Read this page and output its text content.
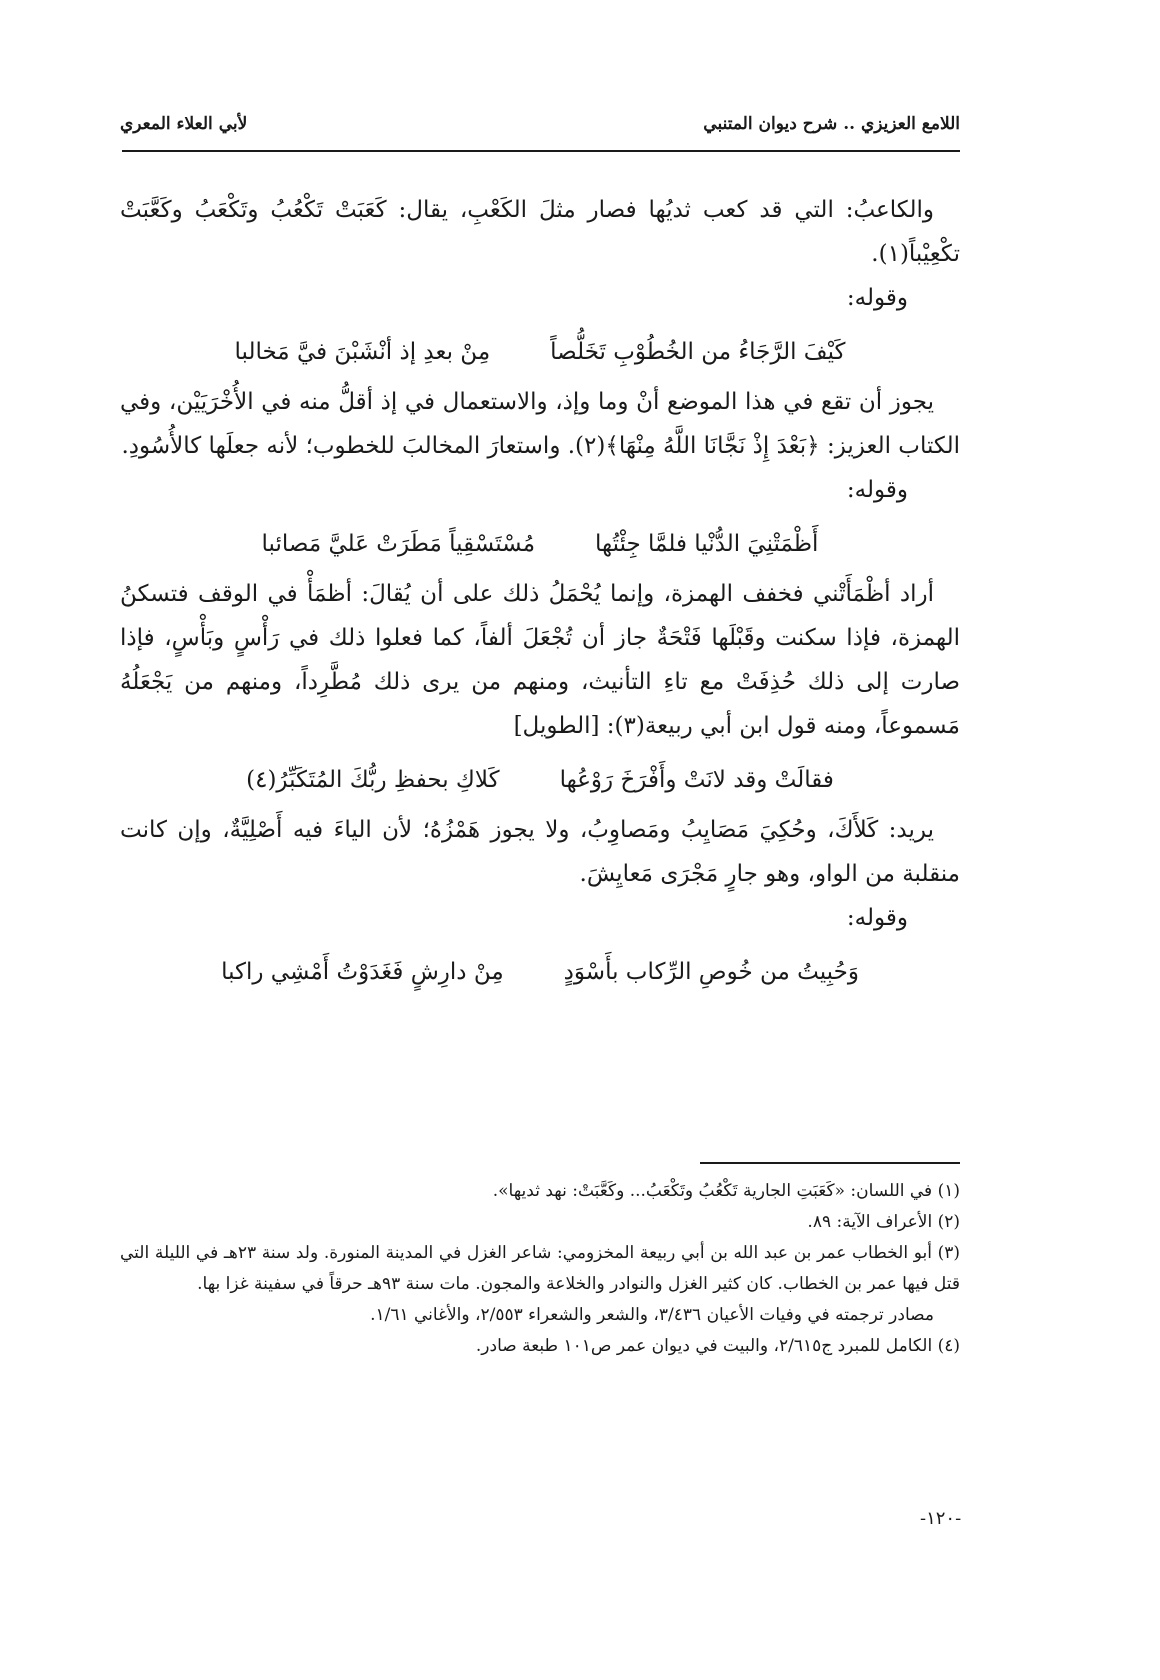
اللامع العزيزي .. شرح ديوان المتنبي
لأبي العلاء المعري

والكاعبُ: التي قد كعب ثديُها فصار مثلَ الكَعْبِ، يقال: كَعَبَتْ تَكْعُبُ وتَكْعَبُ وكَعَّبَتْ تكْعِيْباً(١).

وقوله:

كَيْفَ الرَّجَاءُ من الخُطُوْبِ تَخَلُّصاً
مِنْ بعدِ إذ أنْشَبْنَ فيَّ مَخالبا

يجوز أن تقع في هذا الموضع أنْ وما وإذ، والاستعمال في إذ أقلُّ منه في الأُخْرَيَيْن، وفي الكتاب العزيز: ﴿بَعْدَ إِذْ نَجَّانَا اللَّهُ مِنْهَا﴾(٢). واستعارَ المخالبَ للخطوب؛ لأنه جعلَها كالأُسُودِ.

وقوله:

أَظْمَتْنِيَ الدُّنْيا فلمَّا جِئْتُها
مُسْتَسْقِياً مَطَرَتْ عَليَّ مَصائبا

أراد أظْمَأَتْني فخفف الهمزة، وإنما يُحْمَلُ ذلك على أن يُقالَ: أظمَأْ في الوقف فتسكنُ الهمزة، فإذا سكنت وقَبْلَها فَتْحَةٌ جاز أن تُجْعَلَ ألفاً، كما فعلوا ذلك في رَأْسٍ وبَأْسٍ، فإذا صارت إلى ذلك حُذِفَتْ مع تاءِ التأنيث، ومنهم من يرى ذلك مُطَّرِداً، ومنهم من يَجْعَلُهُ مَسموعاً، ومنه قول ابن أبي ربيعة(٣): [الطويل]

فقالَتْ وقد لانَتْ وأَفْرَخَ رَوْعُها
كَلاكِ بحفظِ ربُّكَ المُتَكَبِّرُ(٤)

يريد: كَلأَكَ، وحُكِيَ مَصَايِبُ ومَصاوِبُ، ولا يجوز هَمْزُهُ؛ لأن الياءَ فيه أَصْلِيَّةٌ، وإن كانت منقلبة من الواو، وهو جارٍ مَجْرَى مَعايِشَ.

وقوله:

وَحُبِيتُ من خُوصِ الرِّكاب بأَسْوَدٍ
مِنْ دارِشٍ فَغَدَوْتُ أَمْشِي راكبا

(١) في اللسان: «كَعَبَتِ الجارية تَكْعُبُ وتَكْعَبُ... وكَعَّبَتْ: نهد ثديها».

(٢) الأعراف الآية: ٨٩.

(٣) أبو الخطاب عمر بن عبد الله بن أبي ربيعة المخزومي: شاعر الغزل في المدينة المنورة. ولد سنة ٢٣هـ في الليلة التي قتل فيها عمر بن الخطاب. كان كثير الغزل والنوادر والخلاعة والمجون. مات سنة ٩٣هـ حرقاً في سفينة غزا بها.

مصادر ترجمته في وفيات الأعيان ٣/٤٣٦، والشعر والشعراء ٢/٥٥٣، والأغاني ١/٦١.

(٤) الكامل للمبرد ج٢/٦١٥، والبيت في ديوان عمر ص١٠١ طبعة صادر.

-١٢٠-
